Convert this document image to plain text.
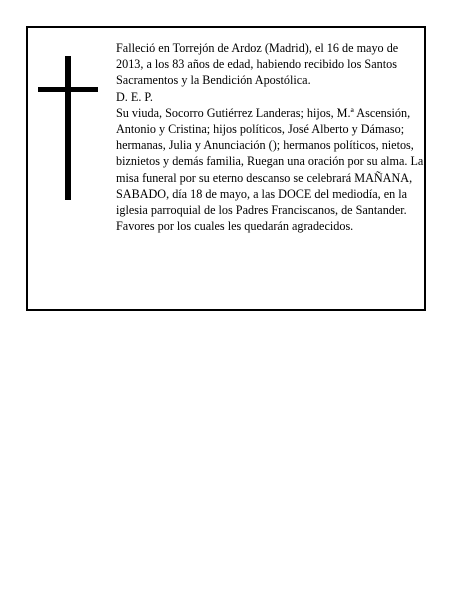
Falleció en Torrejón de Ardoz (Madrid), el 16 de mayo de 2013, a los 83 años de edad, habiendo recibido los Santos Sacramentos y la Bendición Apostólica.

D. E. P.

Su viuda, Socorro Gutiérrez Landeras; hijos, M.ª Ascensión, Antonio y Cristina; hijos políticos, José Alberto y Dámaso; hermanas, Julia y Anunciación (); hermanos políticos, nietos, biznietos y demás familia, Ruegan una oración por su alma. La misa funeral por su eterno descanso se celebrará MAÑANA, SABADO, día 18 de mayo, a las DOCE del mediodía, en la iglesia parroquial de los Padres Franciscanos, de Santander. Favores por los cuales les quedarán agradecidos.
